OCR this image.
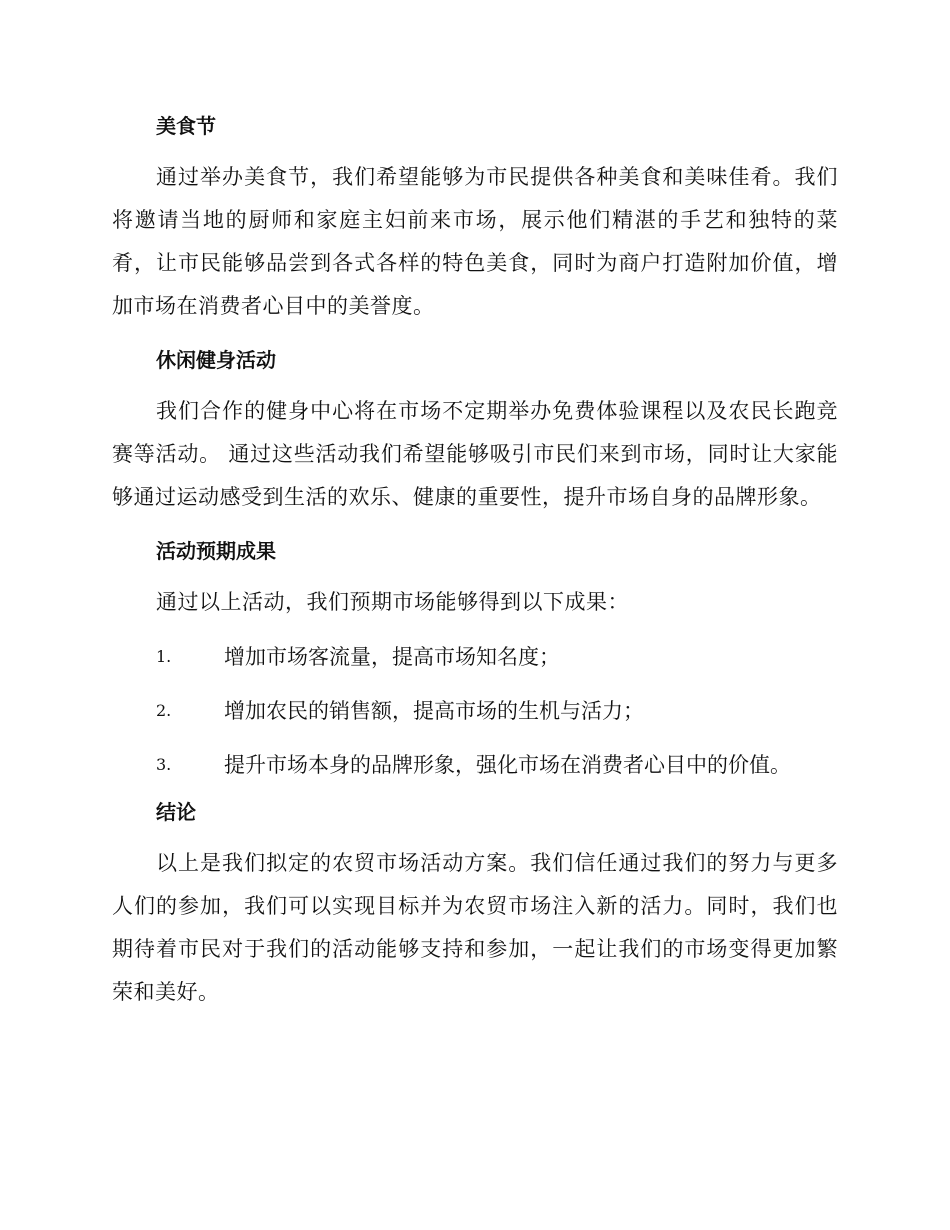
美食节

通过举办美食节，我们希望能够为市民提供各种美食和美味佳肴。我们将邀请当地的厨师和家庭主妇前来市场，展示他们精湛的手艺和独特的菜肴，让市民能够品尝到各式各样的特色美食，同时为商户打造附加价值，增加市场在消费者心目中的美誉度。

休闲健身活动

我们合作的健身中心将在市场不定期举办免费体验课程以及农民长跑竞赛等活动。 通过这些活动我们希望能够吸引市民们来到市场，同时让大家能够通过运动感受到生活的欢乐、健康的重要性，提升市场自身的品牌形象。

活动预期成果

通过以上活动，我们预期市场能够得到以下成果：

1.	增加市场客流量，提高市场知名度；
2.	增加农民的销售额，提高市场的生机与活力；
3.	提升市场本身的品牌形象，强化市场在消费者心目中的价值。
结论

以上是我们拟定的农贸市场活动方案。我们信任通过我们的努力与更多人们的参加，我们可以实现目标并为农贸市场注入新的活力。同时，我们也期待着市民对于我们的活动能够支持和参加，一起让我们的市场变得更加繁荣和美好。
